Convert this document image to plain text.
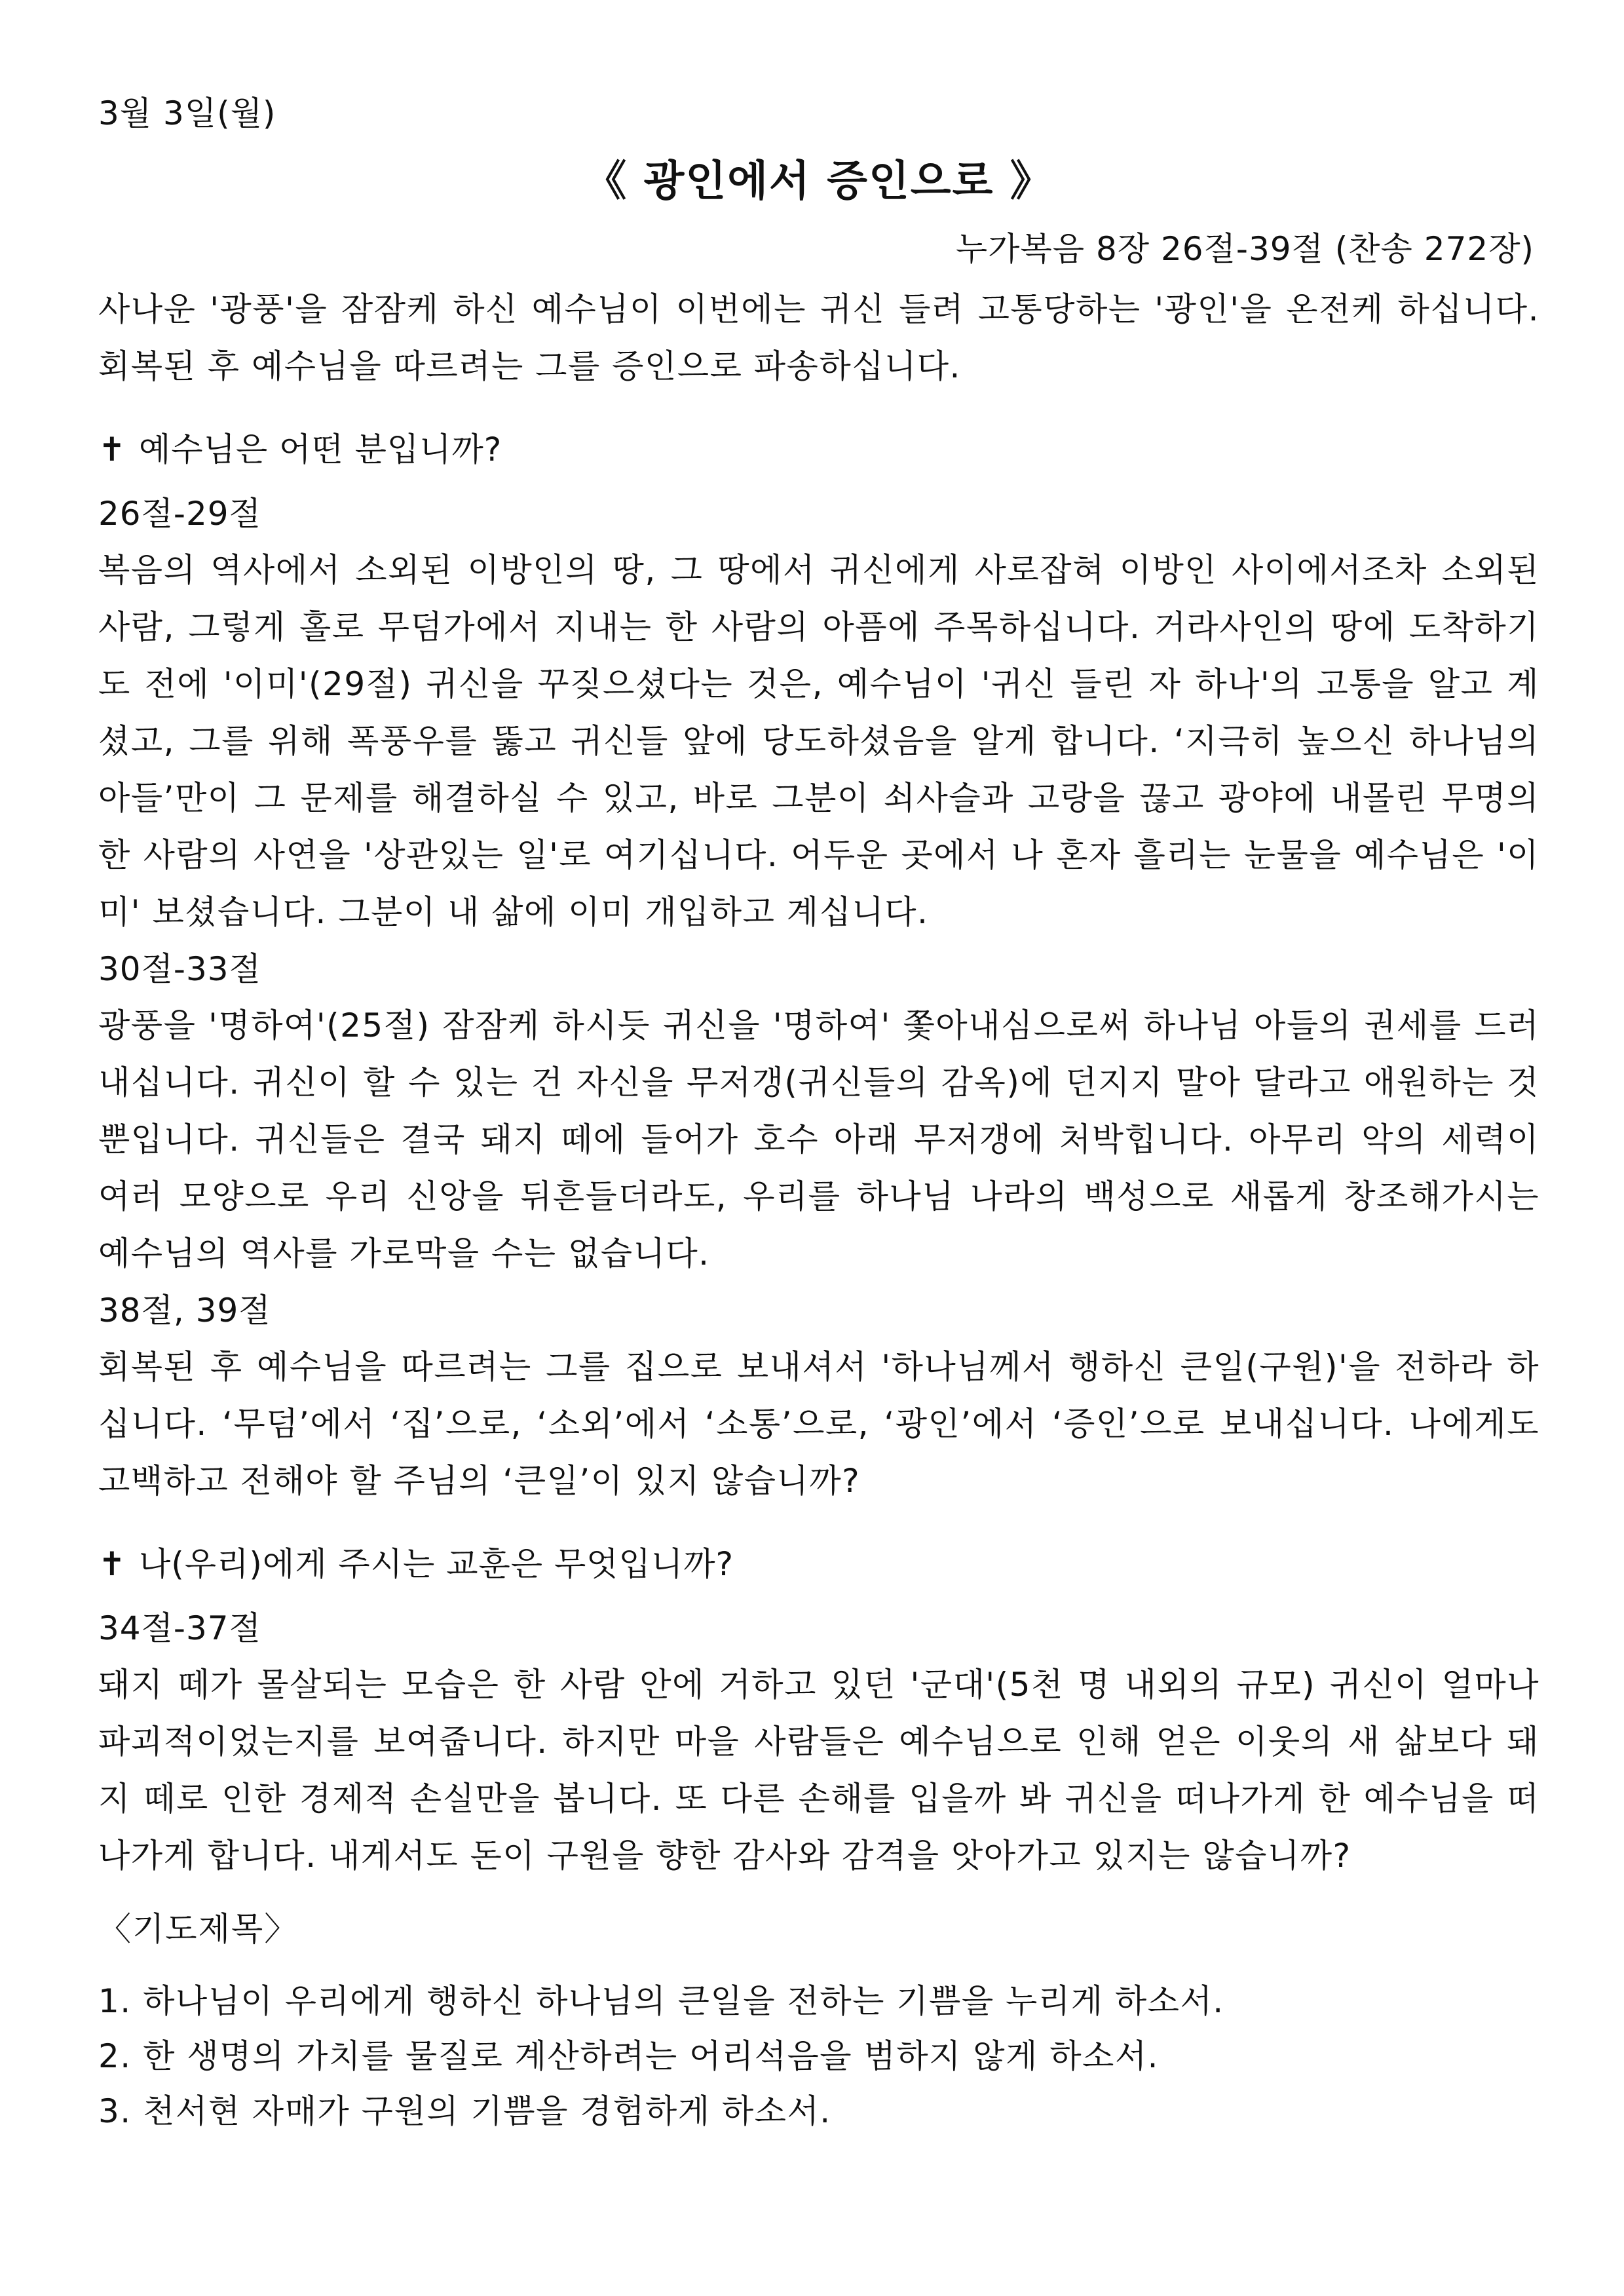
3월 3일(월)
《 광인에서 증인으로 》
누가복음 8장 26절-39절 (찬송 272장)

사나운 '광풍'을 잠잠케 하신 예수님이 이번에는 귀신 들려 고통당하는 '광인'을 온전케 하십니다. 회복된 후 예수님을 따르려는 그를 증인으로 파송하십니다.

✝ 예수님은 어떤 분입니까?
26절-29절

복음의 역사에서 소외된 이방인의 땅, 그 땅에서 귀신에게 사로잡혀 이방인 사이에서조차 소외된 사람, 그렇게 홀로 무덤가에서 지내는 한 사람의 아픔에 주목하십니다. 거라사인의 땅에 도착하기도 전에 '이미'(29절) 귀신을 꾸짖으셨다는 것은, 예수님이 '귀신 들린 자 하나'의 고통을 알고 계셨고, 그를 위해 폭풍우를 뚫고 귀신들 앞에 당도하셨음을 알게 합니다. ‘지극히 높으신 하나님의 아들’만이 그 문제를 해결하실 수 있고, 바로 그분이 쇠사슬과 고랑을 끊고 광야에 내몰린 무명의 한 사람의 사연을 '상관있는 일'로 여기십니다. 어두운 곳에서 나 혼자 흘리는 눈물을 예수님은 '이미' 보셨습니다. 그분이 내 삶에 이미 개입하고 계십니다.

30절-33절

광풍을 '명하여'(25절) 잠잠케 하시듯 귀신을 '명하여' 쫓아내심으로써 하나님 아들의 권세를 드러내십니다. 귀신이 할 수 있는 건 자신을 무저갱(귀신들의 감옥)에 던지지 말아 달라고 애원하는 것뿐입니다. 귀신들은 결국 돼지 떼에 들어가 호수 아래 무저갱에 처박힙니다. 아무리 악의 세력이 여러 모양으로 우리 신앙을 뒤흔들더라도, 우리를 하나님 나라의 백성으로 새롭게 창조해가시는 예수님의 역사를 가로막을 수는 없습니다.

38절, 39절

회복된 후 예수님을 따르려는 그를 집으로 보내셔서 '하나님께서 행하신 큰일(구원)'을 전하라 하십니다. ‘무덤’에서 ‘집’으로, ‘소외’에서 ‘소통’으로, ‘광인’에서 ‘증인’으로 보내십니다. 나에게도 고백하고 전해야 할 주님의 ‘큰일’이 있지 않습니까?

✝ 나(우리)에게 주시는 교훈은 무엇입니까?
34절-37절

돼지 떼가 몰살되는 모습은 한 사람 안에 거하고 있던 '군대'(5천 명 내외의 규모) 귀신이 얼마나 파괴적이었는지를 보여줍니다. 하지만 마을 사람들은 예수님으로 인해 얻은 이웃의 새 삶보다 돼지 떼로 인한 경제적 손실만을 봅니다. 또 다른 손해를 입을까 봐 귀신을 떠나가게 한 예수님을 떠나가게 합니다. 내게서도 돈이 구원을 향한 감사와 감격을 앗아가고 있지는 않습니까?

〈기도제목〉
1. 하나님이 우리에게 행하신 하나님의 큰일을 전하는 기쁨을 누리게 하소서.
2. 한 생명의 가치를 물질로 계산하려는 어리석음을 범하지 않게 하소서.
3. 천서현 자매가 구원의 기쁨을 경험하게 하소서.
